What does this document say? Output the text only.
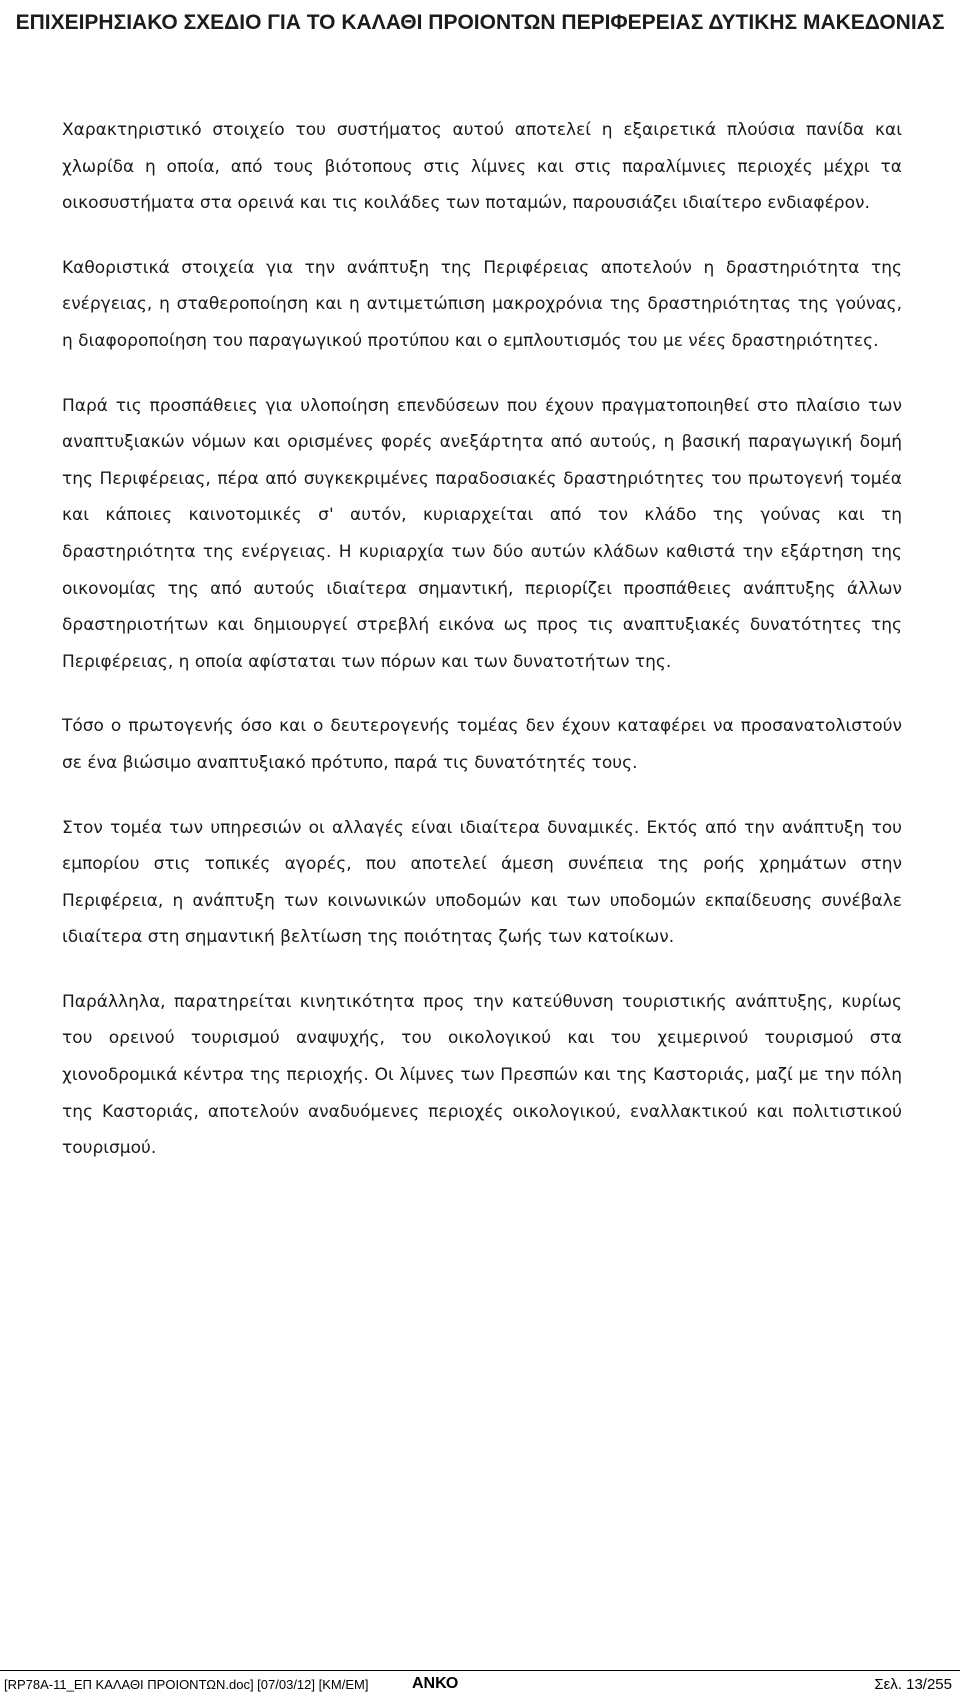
ΕΠΙΧΕΙΡΗΣΙΑΚΟ ΣΧΕΔΙΟ ΓΙΑ ΤΟ ΚΑΛΑΘΙ ΠΡΟΙΟΝΤΩΝ ΠΕΡΙΦΕΡΕΙΑΣ ΔΥΤΙΚΗΣ ΜΑΚΕΔΟΝΙΑΣ

Χαρακτηριστικό στοιχείο του συστήματος αυτού αποτελεί η εξαιρετικά πλούσια πανίδα και χλωρίδα η οποία, από τους βιότοπους στις λίμνες και στις παραλίμνιες περιοχές μέχρι τα οικοσυστήματα στα ορεινά και τις κοιλάδες των ποταμών, παρουσιάζει ιδιαίτερο ενδιαφέρον.

Καθοριστικά στοιχεία για την ανάπτυξη της Περιφέρειας αποτελούν η δραστηριότητα της ενέργειας, η σταθεροποίηση και η αντιμετώπιση μακροχρόνια της δραστηριότητας της γούνας, η διαφοροποίηση του παραγωγικού προτύπου και ο εμπλουτισμός του με νέες δραστηριότητες.

Παρά τις προσπάθειες για υλοποίηση επενδύσεων που έχουν πραγματοποιηθεί στο πλαίσιο των αναπτυξιακών νόμων και ορισμένες φορές ανεξάρτητα από αυτούς, η βασική παραγωγική δομή της Περιφέρειας, πέρα από συγκεκριμένες παραδοσιακές δραστηριότητες του πρωτογενή τομέα και κάποιες καινοτομικές σ' αυτόν, κυριαρχείται από τον κλάδο της γούνας και τη δραστηριότητα της ενέργειας. Η κυριαρχία των δύο αυτών κλάδων καθιστά την εξάρτηση της οικονομίας της από αυτούς ιδιαίτερα σημαντική, περιορίζει προσπάθειες ανάπτυξης άλλων δραστηριοτήτων και δημιουργεί στρεβλή εικόνα ως προς τις αναπτυξιακές δυνατότητες της Περιφέρειας, η οποία αφίσταται των πόρων και των δυνατοτήτων της.

Τόσο ο πρωτογενής όσο και ο δευτερογενής τομέας δεν έχουν καταφέρει να προσανατολιστούν σε ένα βιώσιμο αναπτυξιακό πρότυπο, παρά τις δυνατότητές τους.

Στον τομέα των υπηρεσιών οι αλλαγές είναι ιδιαίτερα δυναμικές. Εκτός από την ανάπτυξη του εμπορίου στις τοπικές αγορές, που αποτελεί άμεση συνέπεια της ροής χρημάτων στην Περιφέρεια, η ανάπτυξη των κοινωνικών υποδομών και των υποδομών εκπαίδευσης συνέβαλε ιδιαίτερα στη σημαντική βελτίωση της ποιότητας ζωής των κατοίκων.

Παράλληλα, παρατηρείται κινητικότητα προς την κατεύθυνση τουριστικής ανάπτυξης, κυρίως του ορεινού τουρισμού αναψυχής, του οικολογικού και του χειμερινού τουρισμού στα χιονοδρομικά κέντρα της περιοχής. Οι λίμνες των Πρεσπών και της Καστοριάς, μαζί με την πόλη της Καστοριάς, αποτελούν αναδυόμενες περιοχές οικολογικού, εναλλακτικού και πολιτιστικού τουρισμού.

[RP78A-11_ΕΠ ΚΑΛΑΘΙ ΠΡΟΙΟΝΤΩΝ.doc] [07/03/12] [KM/EM]	ΑΝΚΟ	Σελ. 13/255
